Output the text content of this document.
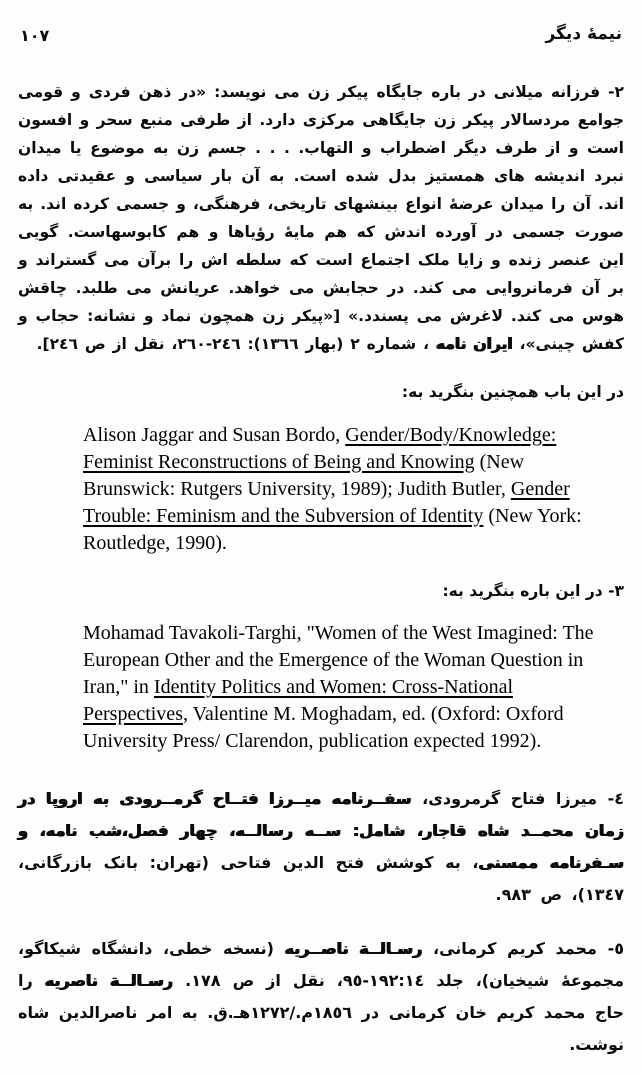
نیمهٔ دیگر
١٠٧

٢- فرزانه میلانی در باره جایگاه پیکر زن می نویسد: «در ذهن فردی و قومی جوامع مردسالار پیکر زن جایگاهی مرکزی دارد. از طرفی منبع سحر و افسون است و از طرف دیگر اضطراب و التهاب. . . . جسم زن به موضوع یا میدان نبرد اندیشه های همستیز بدل شده است. به آن بار سیاسی و عقیدتی داده اند. آن را میدان عرضهٔ انواع بینشهای تاریخی، فرهنگی، و جسمی کرده اند. به صورت جسمی در آورده اندش که هم مایهٔ رؤیاها و هم کابوسهاست. گویی این عنصر زنده و زایا ملک اجتماع است که سلطه اش را برآن می گستراند و بر آن فرمانروایی می کند. در حجابش می خواهد. عریانش می طلبد. چاقش هوس می کند. لاغرش می پسندد.» [«پیکر زن همچون نماد و نشانه: حجاب و کفش چینی»، ایران نامه ، شماره ٢ (بهار ١٣٦٦): ٢٤٦-٢٦٠، نقل از ص ٢٤٦].

در این باب همچنین بنگرید به:

Alison Jaggar and Susan Bordo, Gender/Body/Knowledge: Feminist Reconstructions of Being and Knowing (New Brunswick: Rutgers University, 1989); Judith Butler, Gender Trouble: Feminism and the Subversion of Identity (New York: Routledge, 1990).

٣- در این باره بنگرید به:

Mohamad Tavakoli-Targhi, "Women of the West Imagined: The European Other and the Emergence of the Woman Question in Iran," in Identity Politics and Women: Cross-National Perspectives, Valentine M. Moghadam, ed. (Oxford: Oxford University Press/ Clarendon, publication expected 1992).

٤- میرزا فتاح گرمرودی، سفــرنامه میــرزا فتــاح گرمــرودی به اروپا در زمان محمــد شاه قاجار، شامل: ســه رسالــه، چهار فصل،شب نامه، و سـفرنامه ممسنی، به کوشش فتح الدین فتاحی (تهران: بانک بازرگانی، ١٣٤٧)، ص ٩٨٣.

٥- محمد کریم کرمانی، رسـالــة ناصــریه (نسخه خطی، دانشگاه شیکاگو، مجموعهٔ شیخیان)، جلد ١٩٢:١٤-٩٥، نقل از ص ١٧٨. رسـالــة ناصریه را حاج محمد کریم خان کرمانی در ١٨٥٦م./١٢٧٢هـ.ق. به امر ناصرالدین شاه نوشت.
